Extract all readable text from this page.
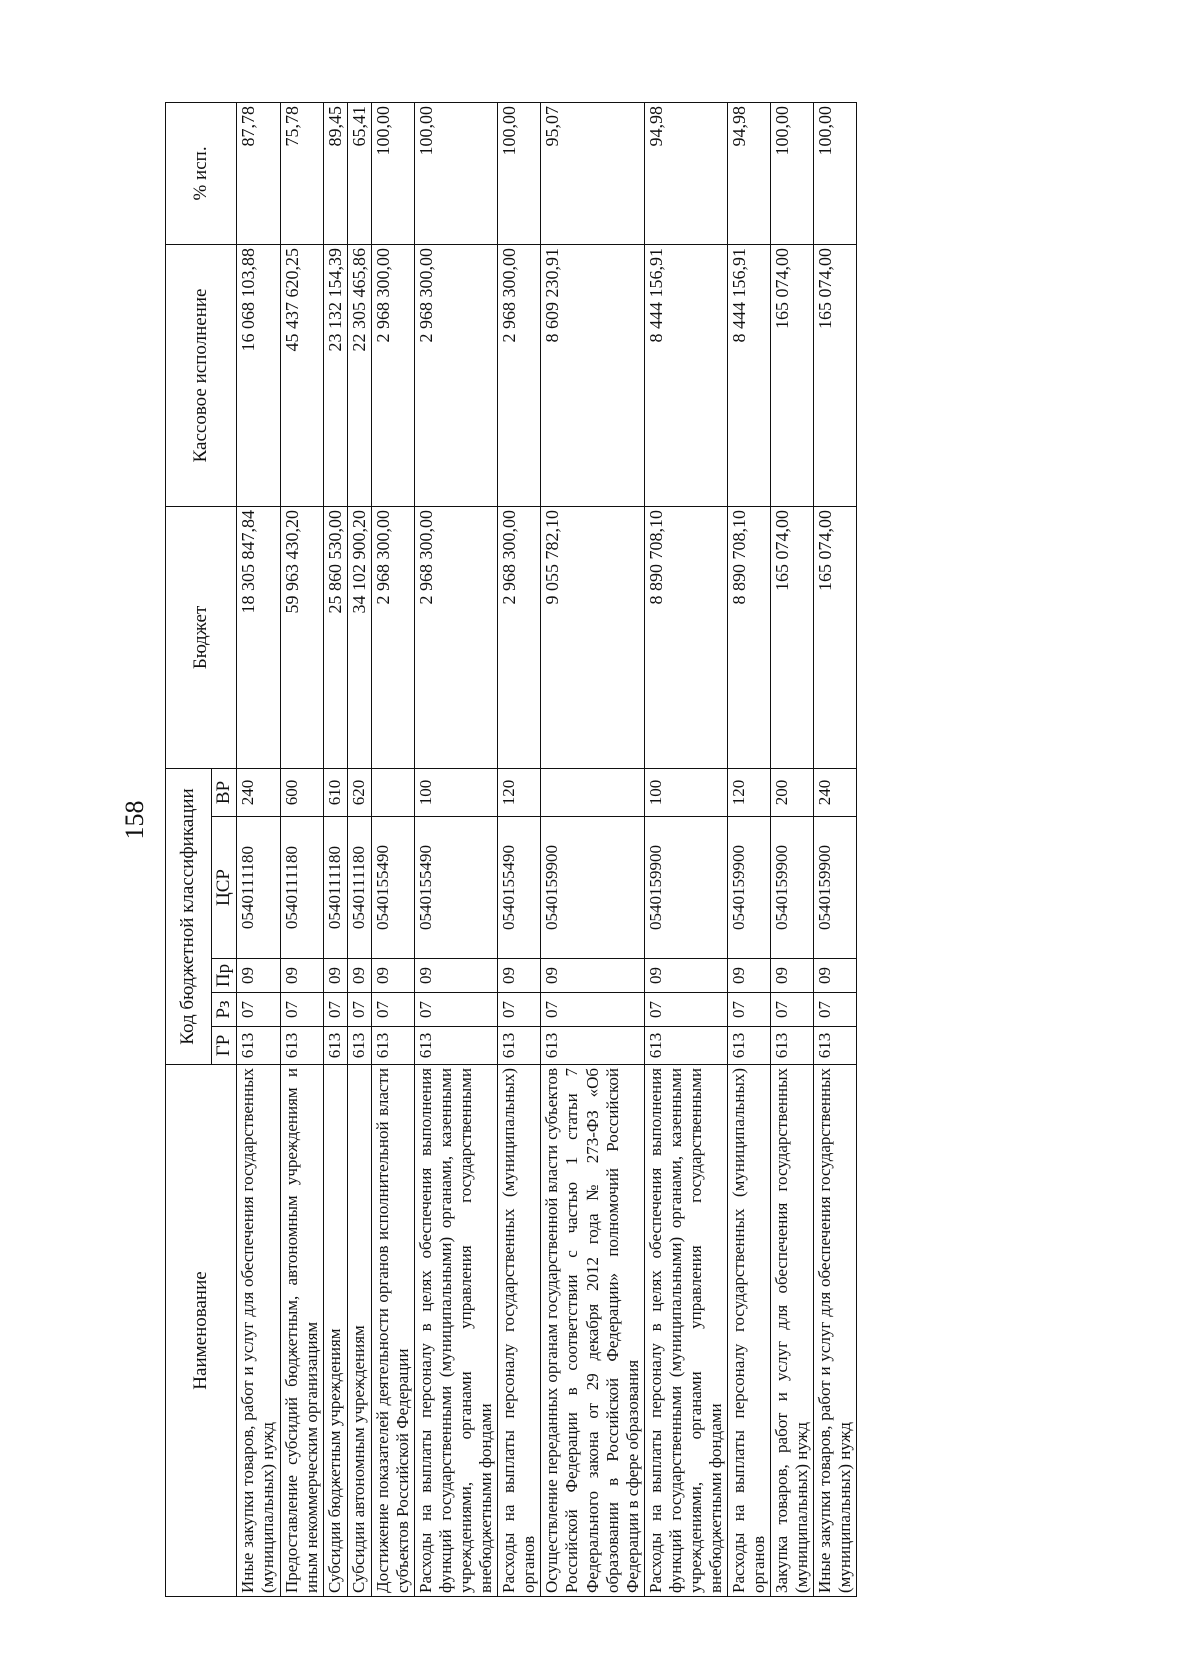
158
Наименование	Код бюджетной классификации					Бюджет	Кассовое исполнение	% исп.
	ГР	Рз	Пр	ЦСР	ВР			
Иные закупки товаров, работ и услуг для обеспечения государственных (муниципальных) нужд	613	07	09	0540111180	240	18 305 847,84	16 068 103,88	87,78
Предоставление субсидий бюджетным, автономным учреждениям и иным некоммерческим организациям	613	07	09	0540111180	600	59 963 430,20	45 437 620,25	75,78
Субсидии бюджетным учреждениям	613	07	09	0540111180	610	25 860 530,00	23 132 154,39	89,45
Субсидии автономным учреждениям	613	07	09	0540111180	620	34 102 900,20	22 305 465,86	65,41
Достижение показателей деятельности органов исполнительной власти субъектов Российской Федерации	613	07	09	0540155490		2 968 300,00	2 968 300,00	100,00
Расходы на выплаты персоналу в целях обеспечения выполнения функций государственными (муниципальными) органами, казенными учреждениями, органами управления государственными внебюджетными фондами	613	07	09	0540155490	100	2 968 300,00	2 968 300,00	100,00
Расходы на выплаты персоналу государственных (муниципальных) органов	613	07	09	0540155490	120	2 968 300,00	2 968 300,00	100,00
Осуществление переданных органам государственной власти субъектов Российской Федерации в соответствии с частью 1 статьи 7 Федерального закона от 29 декабря 2012 года № 273-ФЗ «Об образовании в Российской Федерации» полномочий Российской Федерации в сфере образования	613	07	09	0540159900		9 055 782,10	8 609 230,91	95,07
Расходы на выплаты персоналу в целях обеспечения выполнения функций государственными (муниципальными) органами, казенными учреждениями, органами управления государственными внебюджетными фондами	613	07	09	0540159900	100	8 890 708,10	8 444 156,91	94,98
Расходы на выплаты персоналу государственных (муниципальных) органов	613	07	09	0540159900	120	8 890 708,10	8 444 156,91	94,98
Закупка товаров, работ и услуг для обеспечения государственных (муниципальных) нужд	613	07	09	0540159900	200	165 074,00	165 074,00	100,00
Иные закупки товаров, работ и услуг для обеспечения государственных (муниципальных) нужд	613	07	09	0540159900	240	165 074,00	165 074,00	100,00
